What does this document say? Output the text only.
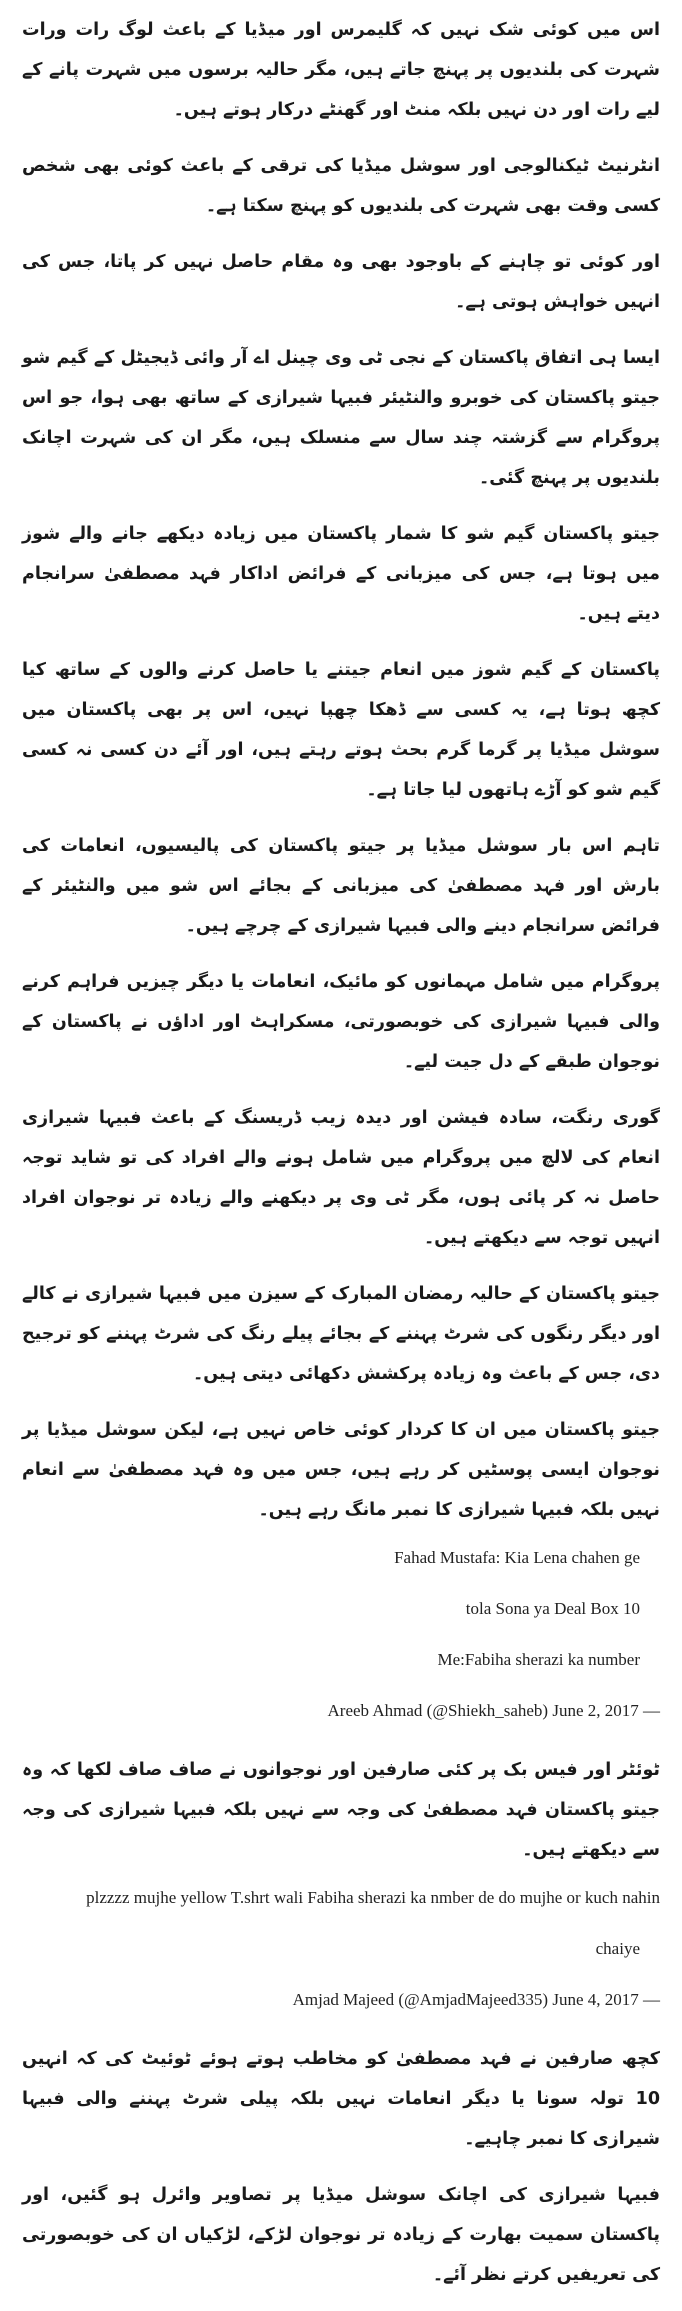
اس میں کوئی شک نہیں کہ گلیمرس اور میڈیا کے باعث لوگ رات ورات شہرت کی بلندیوں پر پہنچ جاتے ہیں، مگر حالیہ برسوں میں شہرت پانے کے لیے رات اور دن نہیں بلکہ منٹ اور گھنٹے درکار ہوتے ہیں۔

انٹرنیٹ ٹیکنالوجی اور سوشل میڈیا کی ترقی کے باعث کوئی بھی شخص کسی وقت بھی شہرت کی بلندیوں کو پہنچ سکتا ہے۔

اور کوئی تو چاہنے کے باوجود بھی وہ مقام حاصل نہیں کر پاتا، جس کی انہیں خواہش ہوتی ہے۔

ایسا ہی اتفاق پاکستان کے نجی ٹی وی چینل اے آر وائی ڈیجیٹل کے گیم شو جیتو پاکستان کی خوبرو والنٹیئر فبیہا شیرازی کے ساتھ بھی ہوا، جو اس پروگرام سے گزشتہ چند سال سے منسلک ہیں، مگر ان کی شہرت اچانک بلندیوں پر پہنچ گئی۔

جیتو پاکستان گیم شو کا شمار پاکستان میں زیادہ دیکھے جانے والے شوز میں ہوتا ہے، جس کی میزبانی کے فرائض اداکار فہد مصطفیٰ سرانجام دیتے ہیں۔

پاکستان کے گیم شوز میں انعام جیتنے یا حاصل کرنے والوں کے ساتھ کیا کچھ ہوتا ہے، یہ کسی سے ڈھکا چھپا نہیں، اس پر بھی پاکستان میں سوشل میڈیا پر گرما گرم بحث ہوتے رہتے ہیں، اور آئے دن کسی نہ کسی گیم شو کو آڑے ہاتھوں لیا جاتا ہے۔

تاہم اس بار سوشل میڈیا پر جیتو پاکستان کی پالیسیوں، انعامات کی بارش اور فہد مصطفیٰ کی میزبانی کے بجائے اس شو میں والنٹیئر کے فرائض سرانجام دینے والی فبیہا شیرازی کے چرچے ہیں۔

پروگرام میں شامل مہمانوں کو مائیک، انعامات یا دیگر چیزیں فراہم کرنے والی فبیہا شیرازی کی خوبصورتی، مسکراہٹ اور اداؤں نے پاکستان کے نوجوان طبقے کے دل جیت لیے۔

گوری رنگت، سادہ فیشن اور دیدہ زیب ڈریسنگ کے باعث فبیہا شیرازی انعام کی لالچ میں پروگرام میں شامل ہونے والے افراد کی تو شاید توجہ حاصل نہ کر پائی ہوں، مگر ٹی وی پر دیکھنے والے زیادہ تر نوجوان افراد انہیں توجہ سے دیکھتے ہیں۔

جیتو پاکستان کے حالیہ رمضان المبارک کے سیزن میں فبیہا شیرازی نے کالے اور دیگر رنگوں کی شرٹ پہننے کے بجائے پیلے رنگ کی شرٹ پہننے کو ترجیح دی، جس کے باعث وہ زیادہ پرکشش دکھائی دیتی ہیں۔

جیتو پاکستان میں ان کا کردار کوئی خاص نہیں ہے، لیکن سوشل میڈیا پر نوجوان ایسی پوسٹیں کر رہے ہیں، جس میں وہ فہد مصطفیٰ سے انعام نہیں بلکہ فبیہا شیرازی کا نمبر مانگ رہے ہیں۔

Fahad Mustafa: Kia Lena chahen ge

tola Sona ya Deal Box 10

Me:Fabiha sherazi ka number

Areeb Ahmad (@Shiekh_saheb) June 2, 2017 —

ٹوئٹر اور فیس بک پر کئی صارفین اور نوجوانوں نے صاف صاف لکھا کہ وہ جیتو پاکستان فہد مصطفیٰ کی وجہ سے نہیں بلکہ فبیہا شیرازی کی وجہ سے دیکھتے ہیں۔

plzzzz mujhe yellow T.shrt wali Fabiha sherazi ka nmber de do mujhe or kuch nahin

chaiye

Amjad Majeed (@AmjadMajeed335) June 4, 2017 —

کچھ صارفین نے فہد مصطفیٰ کو مخاطب ہوتے ہوئے ٹوئیٹ کی کہ انہیں 10 تولہ سونا یا دیگر انعامات نہیں بلکہ پیلی شرٹ پہننے والی فبیہا شیرازی کا نمبر چاہیے۔

فبیہا شیرازی کی اچانک سوشل میڈیا پر تصاویر وائرل ہو گئیں، اور پاکستان سمیت بھارت کے زیادہ تر نوجوان لڑکے، لڑکیاں ان کی خوبصورتی کی تعریفیں کرتے نظر آئے۔
